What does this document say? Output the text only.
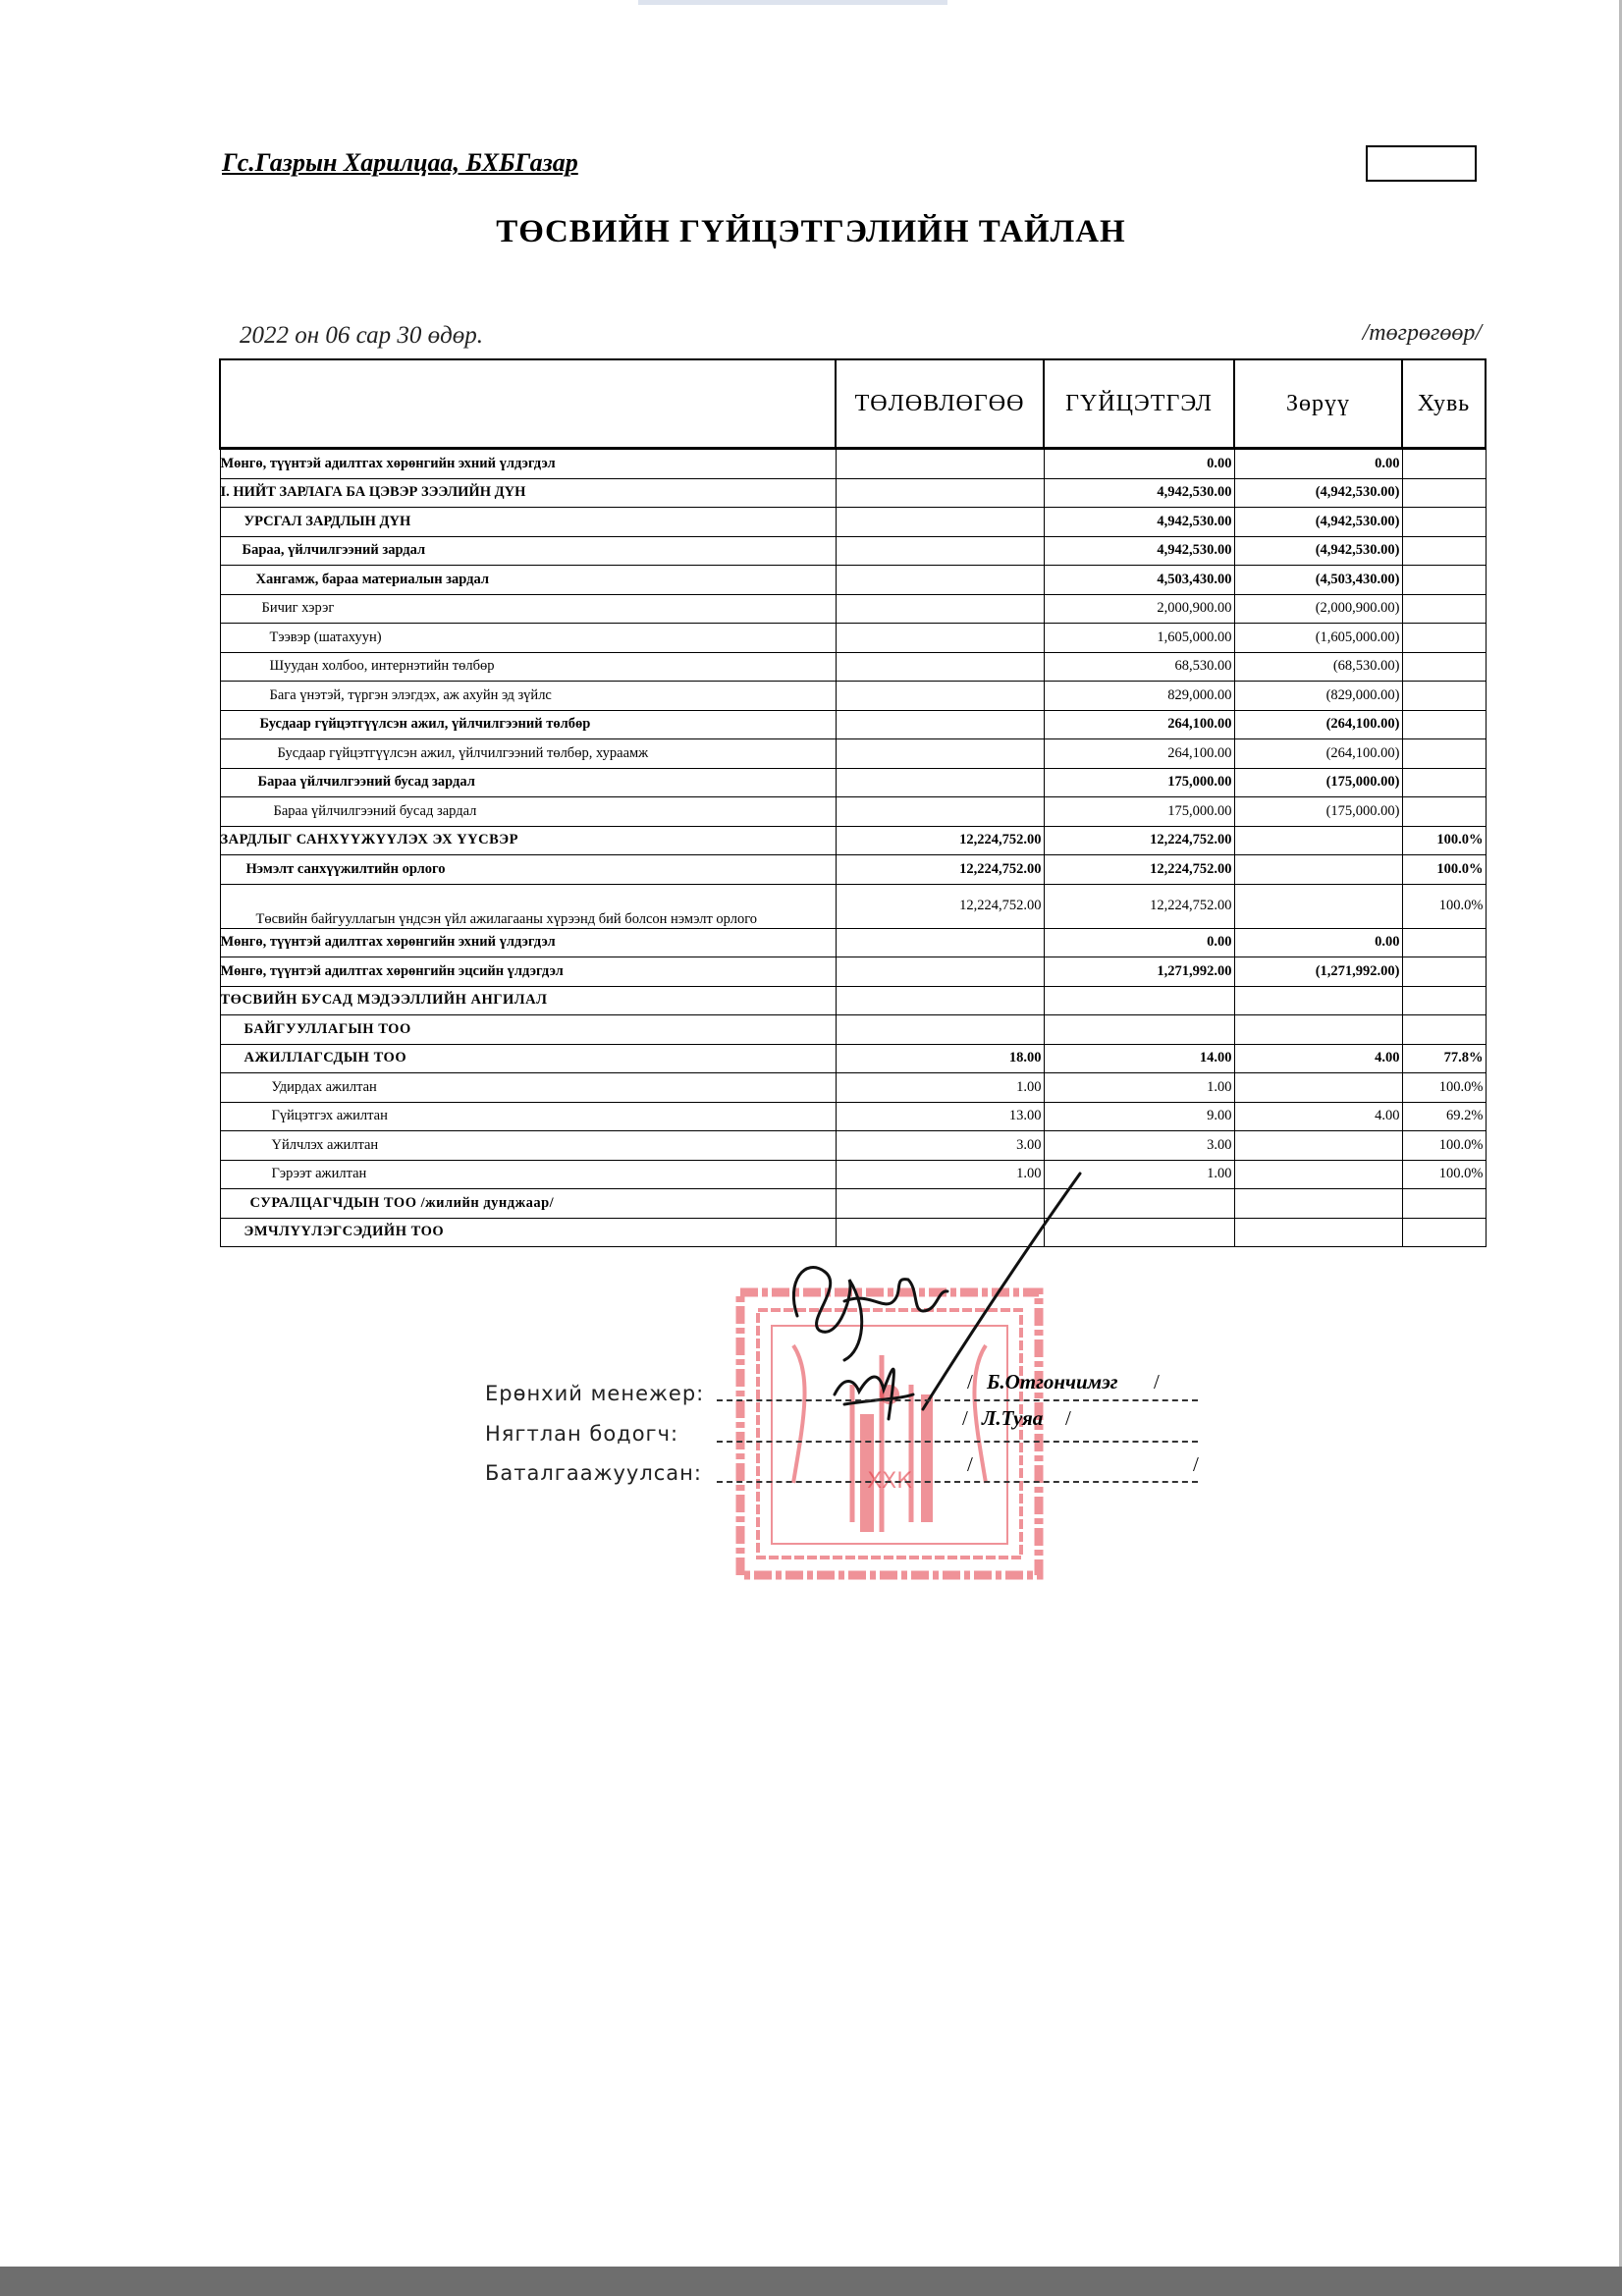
Гс.Газрын Харилцаа, БХБГазар
ТӨСВИЙН ГҮЙЦЭТГЭЛИЙН ТАЙЛАН
2022 он 06 сар 30 өдөр.	/төгрөгөөр/
	ТӨЛӨВЛӨГӨӨ	ГҮЙЦЭТГЭЛ	Зөрүү	Хувь
Мөнгө, түүнтэй адилтгах хөрөнгийн эхний үлдэгдэл		0.00	0.00	
I. НИЙТ ЗАРЛАГА БА ЦЭВЭР ЗЭЭЛИЙН ДҮН		4,942,530.00	(4,942,530.00)	
УРСГАЛ ЗАРДЛЫН ДҮН		4,942,530.00	(4,942,530.00)	
Бараа, үйлчилгээний зардал		4,942,530.00	(4,942,530.00)	
Хангамж, бараа материалын зардал		4,503,430.00	(4,503,430.00)	
Бичиг хэрэг		2,000,900.00	(2,000,900.00)	
Тээвэр (шатахуун)		1,605,000.00	(1,605,000.00)	
Шуудан холбоо, интернэтийн төлбөр		68,530.00	(68,530.00)	
Бага үнэтэй, түргэн элэгдэх, аж ахуйн эд зүйлс		829,000.00	(829,000.00)	
Бусдаар гүйцэтгүүлсэн ажил, үйлчилгээний төлбөр		264,100.00	(264,100.00)	
Бусдаар гүйцэтгүүлсэн ажил, үйлчилгээний төлбөр, хураамж		264,100.00	(264,100.00)	
Бараа үйлчилгээний бусад зардал		175,000.00	(175,000.00)	
Бараа үйлчилгээний бусад зардал		175,000.00	(175,000.00)	
ЗАРДЛЫГ САНХҮҮЖҮҮЛЭХ ЭХ ҮҮСВЭР	12,224,752.00	12,224,752.00		100.0%
Нэмэлт санхүүжилтийн орлого	12,224,752.00	12,224,752.00		100.0%
Төсвийн байгууллагын үндсэн үйл ажилагааны хүрээнд бий болсон нэмэлт орлого	12,224,752.00	12,224,752.00		100.0%
Мөнгө, түүнтэй адилтгах хөрөнгийн эхний үлдэгдэл		0.00	0.00	
Мөнгө, түүнтэй адилтгах хөрөнгийн эцсийн үлдэгдэл		1,271,992.00	(1,271,992.00)	
ТӨСВИЙН БУСАД МЭДЭЭЛЛИЙН АНГИЛАЛ				
БАЙГУУЛЛАГЫН ТОО				
АЖИЛЛАГСДЫН ТОО	18.00	14.00	4.00	77.8%
Удирдах ажилтан	1.00	1.00		100.0%
Гүйцэтгэх ажилтан	13.00	9.00	4.00	69.2%
Үйлчлэх ажилтан	3.00	3.00		100.0%
Гэрээт ажилтан	1.00	1.00		100.0%
СУРАЛЦАГЧДЫН ТОО /жилийн дунджаар/				
ЭМЧЛҮҮЛЭГСЭДИЙН ТОО				
ХХК
Ерөнхий менежер:	/ Б.Отгончимэг /
Нягтлан бодогч:
/ Л.Туяа /
Баталгаажуулсан:	/	/
